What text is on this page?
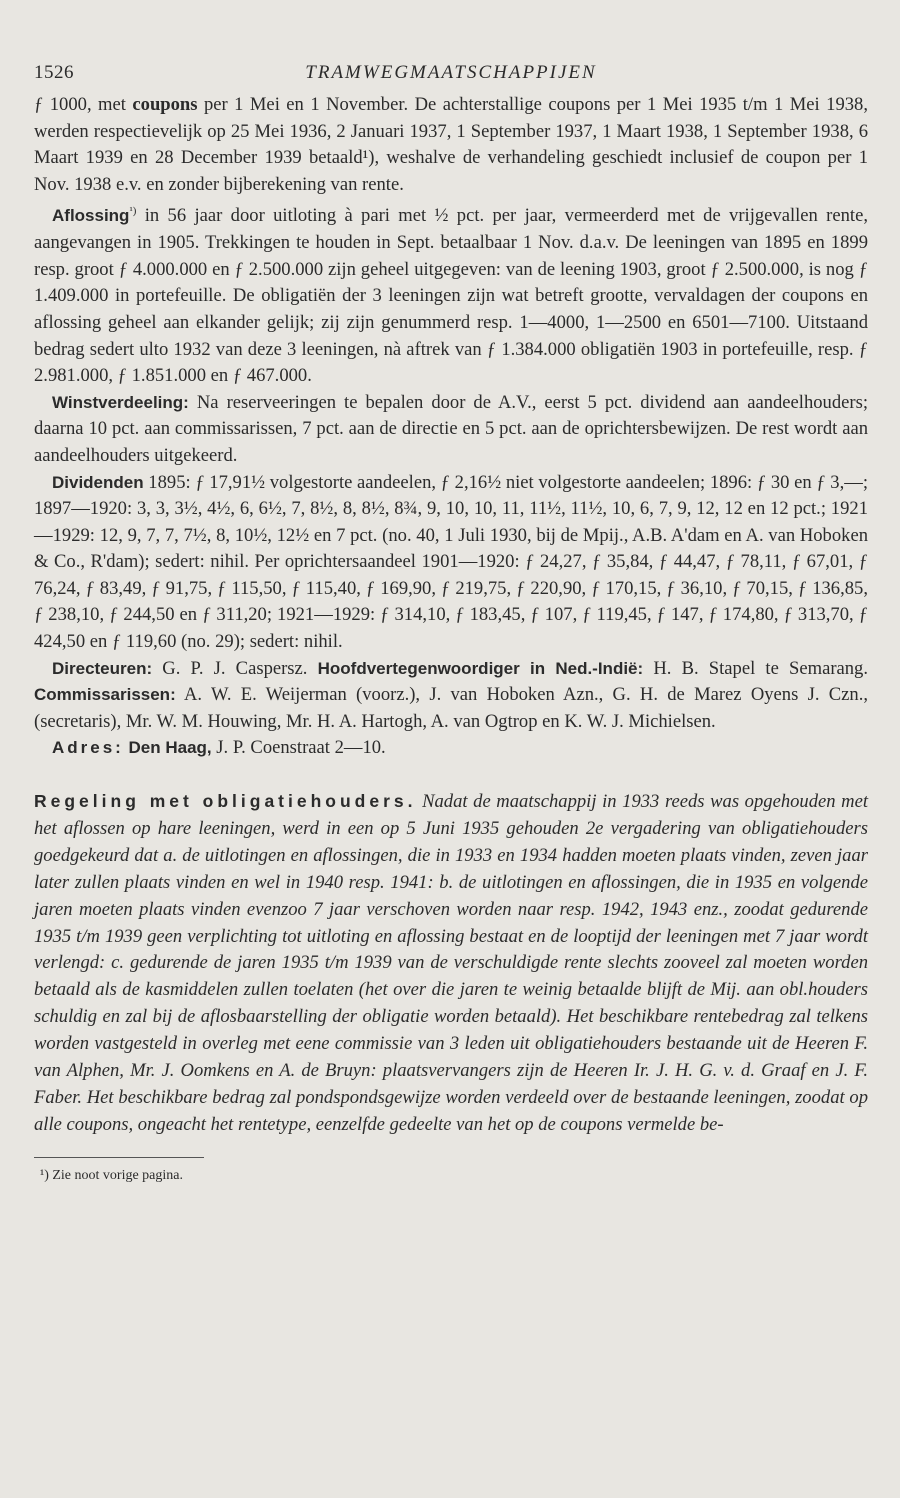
1526	TRAMWEGMAATSCHAPPIJEN

ƒ 1000, met coupons per 1 Mei en 1 November. De achterstallige coupons per 1 Mei 1935 t/m 1 Mei 1938, werden respectievelijk op 25 Mei 1936, 2 Januari 1937, 1 September 1937, 1 Maart 1938, 1 September 1938, 6 Maart 1939 en 28 December 1939 betaald¹), weshalve de verhandeling geschiedt inclusief de coupon per 1 Nov. 1938 e.v. en zonder bijberekening van rente.

Aflossing$^{^1)}$ in 56 jaar door uitloting à pari met ½ pct. per jaar, vermeerderd met de vrijgevallen rente, aangevangen in 1905. Trekkingen te houden in Sept. betaalbaar 1 Nov. d.a.v. De leeningen van 1895 en 1899 resp. groot ƒ 4.000.000 en ƒ 2.500.000 zijn geheel uitgegeven: van de leening 1903, groot ƒ 2.500.000, is nog ƒ 1.409.000 in portefeuille. De obligatiën der 3 leeningen zijn wat betreft grootte, vervaldagen der coupons en aflossing geheel aan elkander gelijk; zij zijn genummerd resp. 1—4000, 1—2500 en 6501—7100. Uitstaand bedrag sedert ulto 1932 van deze 3 leeningen, nà aftrek van ƒ 1.384.000 obligatiën 1903 in portefeuille, resp. ƒ 2.981.000, ƒ 1.851.000 en ƒ 467.000.

Winstverdeeling: Na reserveeringen te bepalen door de A.V., eerst 5 pct. dividend aan aandeelhouders; daarna 10 pct. aan commissarissen, 7 pct. aan de directie en 5 pct. aan de oprichtersbewijzen. De rest wordt aan aandeelhouders uitgekeerd.

Dividenden 1895: ƒ 17,91½ volgestorte aandeelen, ƒ 2,16½ niet volgestorte aandeelen; 1896: ƒ 30 en ƒ 3,—; 1897—1920: 3, 3, 3½, 4½, 6, 6½, 7, 8½, 8, 8½, 8¾, 9, 10, 10, 11, 11½, 11½, 10, 6, 7, 9, 12, 12 en 12 pct.; 1921—1929: 12, 9, 7, 7, 7½, 8, 10½, 12½ en 7 pct. (no. 40, 1 Juli 1930, bij de Mpij., A.B. A'dam en A. van Hoboken & Co., R'dam); sedert: nihil. Per oprichtersaandeel 1901—1920: ƒ 24,27, ƒ 35,84, ƒ 44,47, ƒ 78,11, ƒ 67,01, ƒ 76,24, ƒ 83,49, ƒ 91,75, ƒ 115,50, ƒ 115,40, ƒ 169,90, ƒ 219,75, ƒ 220,90, ƒ 170,15, ƒ 36,10, ƒ 70,15, ƒ 136,85, ƒ 238,10, ƒ 244,50 en ƒ 311,20; 1921—1929: ƒ 314,10, ƒ 183,45, ƒ 107, ƒ 119,45, ƒ 147, ƒ 174,80, ƒ 313,70, ƒ 424,50 en ƒ 119,60 (no. 29); sedert: nihil.

Directeuren: G. P. J. Caspersz. Hoofdvertegenwoordiger in Ned.-Indië: H. B. Stapel te Semarang. Commissarissen: A. W. E. Weijerman (voorz.), J. van Hoboken Azn., G. H. de Marez Oyens J. Czn., (secretaris), Mr. W. M. Houwing, Mr. H. A. Hartogh, A. van Ogtrop en K. W. J. Michielsen.

Adres: Den Haag, J. P. Coenstraat 2—10.

Regeling met obligatiehouders. Nadat de maatschappij in 1933 reeds was opgehouden met het aflossen op hare leeningen, werd in een op 5 Juni 1935 gehouden 2e vergadering van obligatiehouders goedgekeurd dat a. de uitlotingen en aflossingen, die in 1933 en 1934 hadden moeten plaats vinden, zeven jaar later zullen plaats vinden en wel in 1940 resp. 1941: b. de uitlotingen en aflossingen, die in 1935 en volgende jaren moeten plaats vinden evenzoo 7 jaar verschoven worden naar resp. 1942, 1943 enz., zoodat gedurende 1935 t/m 1939 geen verplichting tot uitloting en aflossing bestaat en de looptijd der leeningen met 7 jaar wordt verlengd: c. gedurende de jaren 1935 t/m 1939 van de verschuldigde rente slechts zooveel zal moeten worden betaald als de kasmiddelen zullen toelaten (het over die jaren te weinig betaalde blijft de Mij. aan obl.houders schuldig en zal bij de aflosbaarstelling der obligatie worden betaald). Het beschikbare rentebedrag zal telkens worden vastgesteld in overleg met eene commissie van 3 leden uit obligatiehouders bestaande uit de Heeren F. van Alphen, Mr. J. Oomkens en A. de Bruyn: plaatsvervangers zijn de Heeren Ir. J. H. G. v. d. Graaf en J. F. Faber. Het beschikbare bedrag zal pondspondsgewijze worden verdeeld over de bestaande leeningen, zoodat op alle coupons, ongeacht het rentetype, eenzelfde gedeelte van het op de coupons vermelde be-
¹) Zie noot vorige pagina.
